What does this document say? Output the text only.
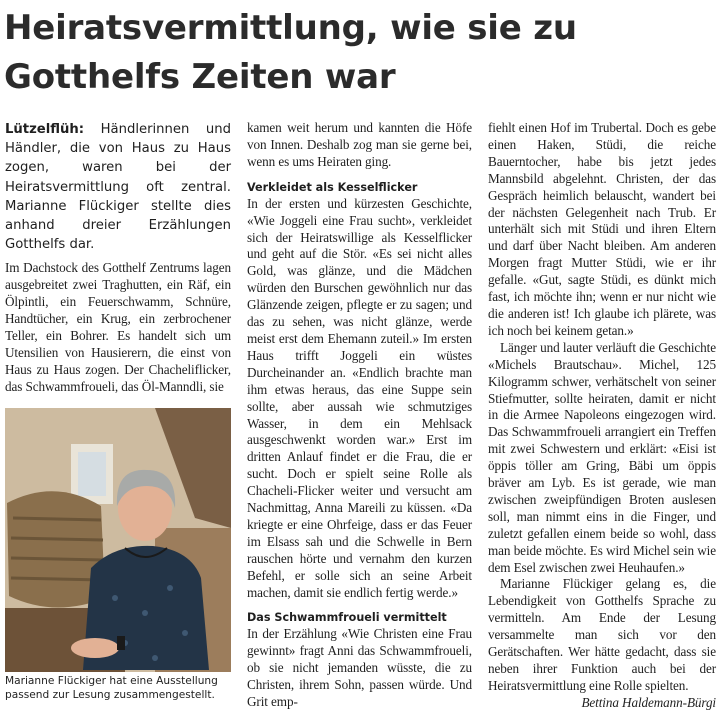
Heiratsvermittlung, wie sie zu
Gotthelfs Zeiten war

Lützelflüh: Händlerinnen und Händler, die von Haus zu Haus zogen, waren bei der Heiratsvermittlung oft zentral. Marianne Flückiger stellte dies anhand dreier Erzählungen Gotthelfs dar.

Im Dachstock des Gotthelf Zentrums lagen ausgebreitet zwei Traghutten, ein Räf, ein Ölpintli, ein Feuerschwamm, Schnüre, Handtücher, ein Krug, ein zerbrochener Teller, ein Bohrer. Es handelt sich um Utensilien von Hausierern, die einst von Haus zu Haus zogen. Der Chacheliflicker, das Schwammfroueli, das Öl-Manndli, sie

Marianne Flückiger hat eine Ausstellung passend zur Lesung zusammengestellt.

kamen weit herum und kannten die Höfe von Innen. Deshalb zog man sie gerne bei, wenn es ums Heiraten ging.

Verkleidet als Kesselflicker

In der ersten und kürzesten Geschichte, «Wie Joggeli eine Frau sucht», verkleidet sich der Heiratswillige als Kesselflicker und geht auf die Stör. «Es sei nicht alles Gold, was glänze, und die Mädchen würden den Burschen gewöhnlich nur das Glänzende zeigen, pflegte er zu sagen; und das zu sehen, was nicht glänze, werde meist erst dem Ehemann zuteil.» Im ersten Haus trifft Joggeli ein wüstes Durcheinander an. «Endlich brachte man ihm etwas heraus, das eine Suppe sein sollte, aber aussah wie schmutziges Wasser, in dem ein Mehlsack ausgeschwenkt worden war.» Erst im dritten Anlauf findet er die Frau, die er sucht. Doch er spielt seine Rolle als Chacheli-Flicker weiter und versucht am Nachmittag, Anna Mareili zu küssen. «Da kriegte er eine Ohrfeige, dass er das Feuer im Elsass sah und die Schwelle in Bern rauschen hörte und vernahm den kurzen Befehl, er solle sich an seine Arbeit machen, damit sie endlich fertig werde.»

Das Schwammfroueli vermittelt

In der Erzählung «Wie Christen eine Frau gewinnt» fragt Anni das Schwammfroueli, ob sie nicht jemanden wüsste, die zu Christen, ihrem Sohn, passen würde. Und Grit emp-

fiehlt einen Hof im Trubertal. Doch es gebe einen Haken, Stüdi, die reiche Bauerntocher, habe bis jetzt jedes Mannsbild abgelehnt. Christen, der das Gespräch heimlich belauscht, wandert bei der nächsten Gelegenheit nach Trub. Er unterhält sich mit Stüdi und ihren Eltern und darf über Nacht bleiben. Am anderen Morgen fragt Mutter Stüdi, wie er ihr gefalle. «Gut, sagte Stüdi, es dünkt mich fast, ich möchte ihn; wenn er nur nicht wie die anderen ist! Ich glaube ich plärete, was ich noch bei keinem getan.»

Länger und lauter verläuft die Geschichte «Michels Brautschau». Michel, 125 Kilogramm schwer, verhätschelt von seiner Stiefmutter, sollte heiraten, damit er nicht in die Armee Napoleons eingezogen wird. Das Schwammfroueli arrangiert ein Treffen mit zwei Schwestern und erklärt: «Eisi ist öppis töller am Gring, Bäbi um öppis bräver am Lyb. Es ist gerade, wie man zwischen zweipfündigen Broten auslesen soll, man nimmt eins in die Finger, und zuletzt gefallen einem beide so wohl, dass man beide möchte. Es wird Michel sein wie dem Esel zwischen zwei Heuhaufen.»

Marianne Flückiger gelang es, die Lebendigkeit von Gotthelfs Sprache zu vermitteln. Am Ende der Lesung versammelte man sich vor den Gerätschaften. Wer hätte gedacht, dass sie neben ihrer Funktion auch bei der Heiratsvermittlung eine Rolle spielten.
Bettina Haldemann-Bürgi
